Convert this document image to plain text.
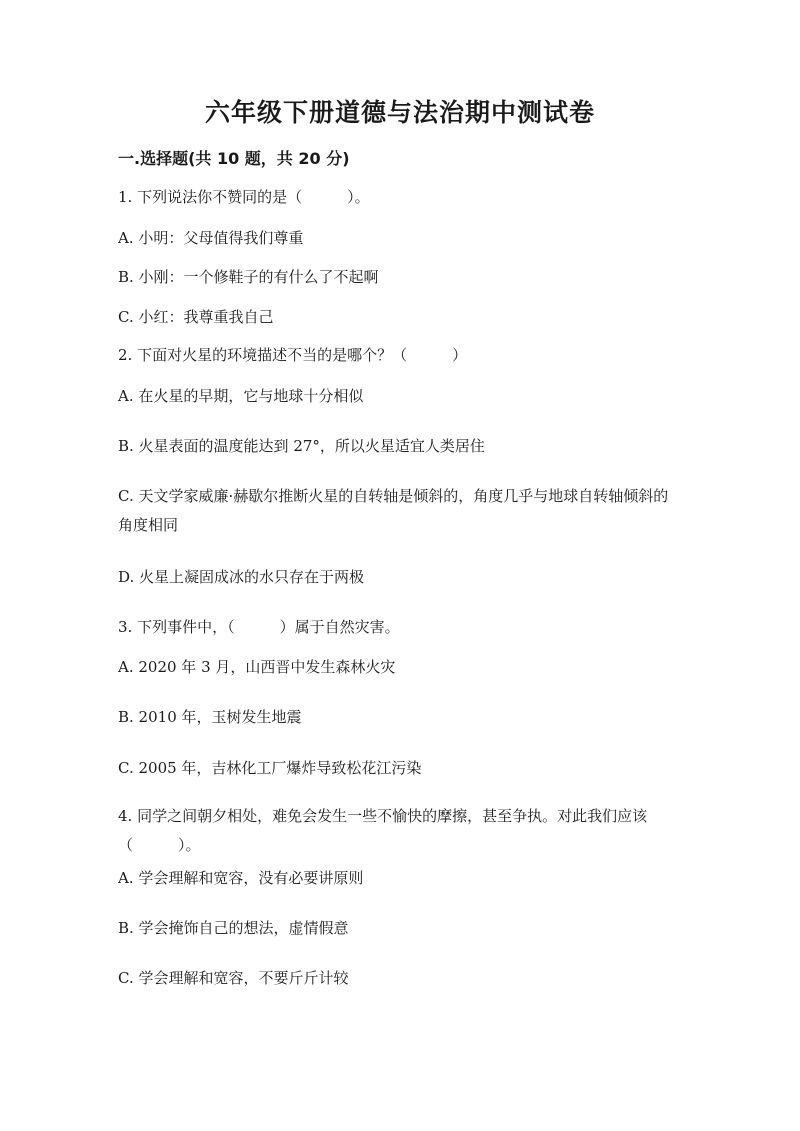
六年级下册道德与法治期中测试卷
一.选择题(共 10 题，共 20 分)
1. 下列说法你不赞同的是（　　　）。
A. 小明：父母值得我们尊重
B. 小刚：一个修鞋子的有什么了不起啊
C. 小红：我尊重我自己
2. 下面对火星的环境描述不当的是哪个？（　　　）
A. 在火星的早期，它与地球十分相似
B. 火星表面的温度能达到 27°，所以火星适宜人类居住
C. 天文学家威廉·赫歇尔推断火星的自转轴是倾斜的，角度几乎与地球自转轴倾斜的角度相同
D. 火星上凝固成冰的水只存在于两极
3. 下列事件中，（　　　）属于自然灾害。
A. 2020 年 3 月，山西晋中发生森林火灾
B. 2010 年，玉树发生地震
C. 2005 年，吉林化工厂爆炸导致松花江污染
4. 同学之间朝夕相处，难免会发生一些不愉快的摩擦，甚至争执。对此我们应该（　　　）。
A. 学会理解和宽容，没有必要讲原则
B. 学会掩饰自己的想法，虚情假意
C. 学会理解和宽容，不要斤斤计较
